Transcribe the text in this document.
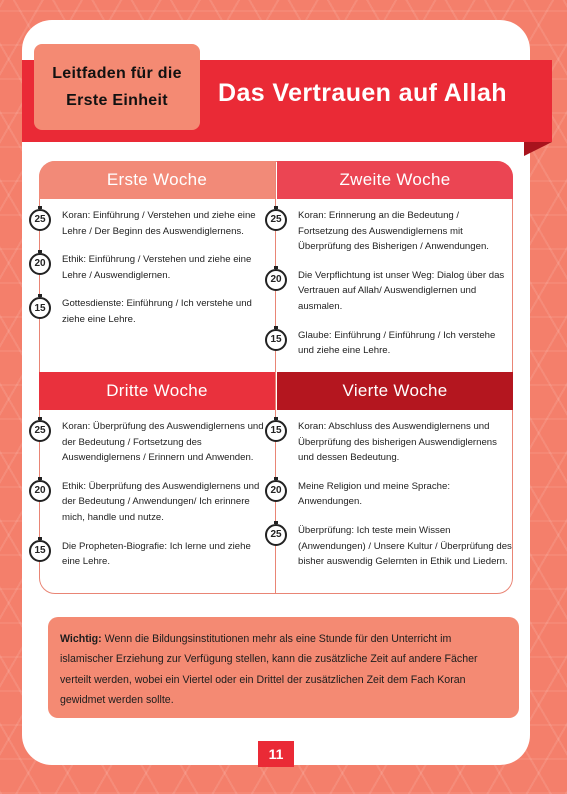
Leitfaden für die
Erste Einheit Das Vertrauen auf Allah
Erste Woche	Zweite Woche
Dritte Woche	Vierte Woche
25	Koran: Einführung / Verstehen und ziehe eine Lehre / Der Beginn des Auswendiglernens.
20	Ethik: Einführung / Verstehen und ziehe eine Lehre / Auswendiglernen.
15	Gottesdienste: Einführung / Ich verstehe und ziehe eine Lehre.
25	Koran: Erinnerung an die Bedeutung / Fortsetzung des Auswendiglernens mit Überprüfung des Bisherigen / Anwendungen.
20	Die Verpflichtung ist unser Weg: Dialog über das Vertrauen auf Allah/ Auswendiglernen und ausmalen.
15	Glaube: Einführung / Einführung / Ich verstehe und ziehe eine Lehre.
25	Koran: Überprüfung des Auswendiglernens und der Bedeutung / Fortsetzung des Auswendiglernens / Erinnern und Anwenden.
20	Ethik: Überprüfung des Auswendiglernens und der Bedeutung / Anwendungen/ Ich erinnere mich, handle und nutze.
15	Die Propheten-Biografie: Ich lerne und ziehe eine Lehre.
15	Koran: Abschluss des Auswendiglernens und Überprüfung des bisherigen Auswendiglernens und dessen Bedeutung.
20	Meine Religion und meine Sprache: Anwendungen.
25	Überprüfung: Ich teste mein Wissen (Anwendungen) / Unsere Kultur / Überprüfung des bisher auswendig Gelernten in Ethik und Liedern.
Wichtig: Wenn die Bildungsinstitutionen mehr als eine Stunde für den Unterricht im islamischer Erziehung zur Verfügung stellen, kann die zusätzliche Zeit auf andere Fächer verteilt werden, wobei ein Viertel oder ein Drittel der zusätzlichen Zeit dem Fach Koran gewidmet werden sollte.
11
